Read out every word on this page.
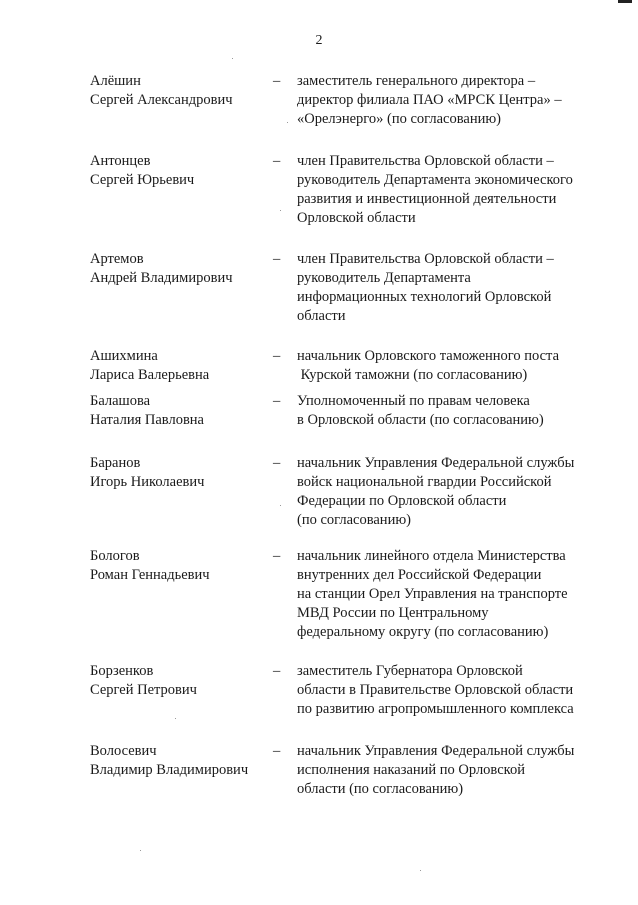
2
Алёшин
Сергей Александрович
– заместитель генерального директора –
директор филиала ПАО «МРСК Центра» –
«Орелэнерго» (по согласованию)
Антонцев
Сергей Юрьевич
– член Правительства Орловской области –
руководитель Департамента экономического
развития и инвестиционной деятельности
Орловской области
Артемов
Андрей Владимирович
– член Правительства Орловской области –
руководитель Департамента
информационных технологий Орловской
области
Ашихмина
Лариса Валерьевна
– начальник Орловского таможенного поста
Курской таможни (по согласованию)
Балашова
Наталия Павловна
– Уполномоченный по правам человека
в Орловской области (по согласованию)
Баранов
Игорь Николаевич
– начальник Управления Федеральной службы
войск национальной гвардии Российской
Федерации по Орловской области
(по согласованию)
Бологов
Роман Геннадьевич
– начальник линейного отдела Министерства
внутренних дел Российской Федерации
на станции Орел Управления на транспорте
МВД России по Центральному
федеральному округу (по согласованию)
Борзенков
Сергей Петрович
– заместитель Губернатора Орловской
области в Правительстве Орловской области
по развитию агропромышленного комплекса
Волосевич
Владимир Владимирович
– начальник Управления Федеральной службы
исполнения наказаний по Орловской
области (по согласованию)
